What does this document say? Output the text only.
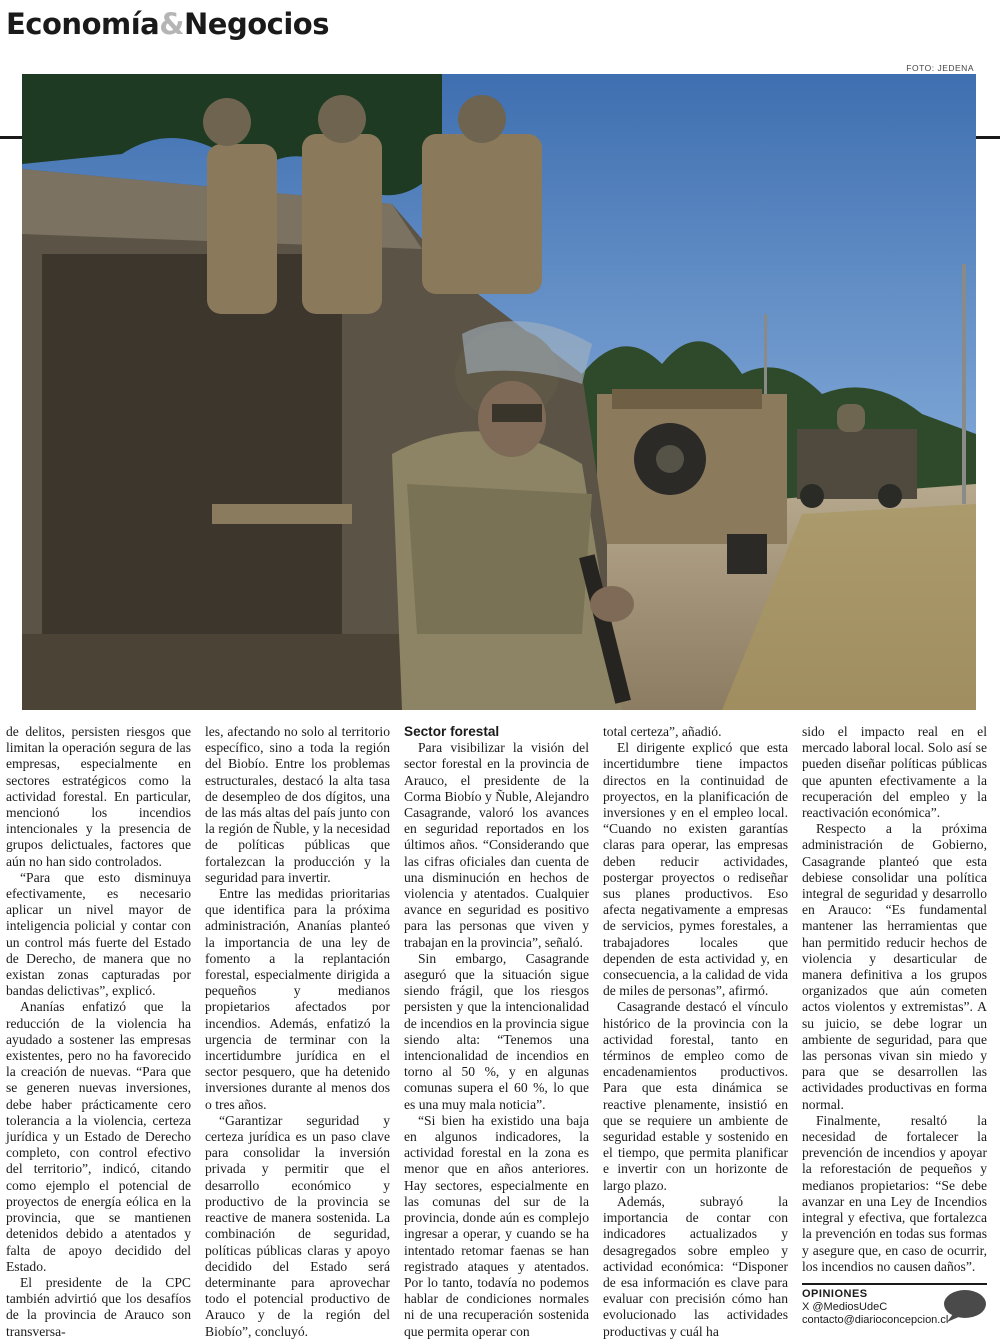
Economía&Negocios
FOTO: JEDENA

de delitos, persisten riesgos que limitan la operación segura de las empresas, especialmente en sectores estratégicos como la actividad forestal. En particular, mencionó los incendios intencionales y la presencia de grupos delictuales, factores que aún no han sido controlados.

“Para que esto disminuya efectivamente, es necesario aplicar un nivel mayor de inteligencia policial y contar con un control más fuerte del Estado de Derecho, de manera que no existan zonas capturadas por bandas delictivas”, explicó.

Ananías enfatizó que la reducción de la violencia ha ayudado a sostener las empresas existentes, pero no ha favorecido la creación de nuevas. “Para que se generen nuevas inversiones, debe haber prácticamente cero tolerancia a la violencia, certeza jurídica y un Estado de Derecho completo, con control efectivo del territorio”, indicó, citando como ejemplo el potencial de proyectos de energía eólica en la provincia, que se mantienen detenidos debido a atentados y falta de apoyo decidido del Estado.

El presidente de la CPC también advirtió que los desafíos de la provincia de Arauco son transversa-

les, afectando no solo al territorio específico, sino a toda la región del Biobío. Entre los problemas estructurales, destacó la alta tasa de desempleo de dos dígitos, una de las más altas del país junto con la región de Ñuble, y la necesidad de políticas públicas que fortalezcan la producción y la seguridad para invertir.

Entre las medidas prioritarias que identifica para la próxima administración, Ananías planteó la importancia de una ley de fomento a la replantación forestal, especialmente dirigida a pequeños y medianos propietarios afectados por incendios. Además, enfatizó la urgencia de terminar con la incertidumbre jurídica en el sector pesquero, que ha detenido inversiones durante al menos dos o tres años.

“Garantizar seguridad y certeza jurídica es un paso clave para consolidar la inversión privada y permitir que el desarrollo económico y productivo de la provincia se reactive de manera sostenida. La combinación de seguridad, políticas públicas claras y apoyo decidido del Estado será determinante para aprovechar todo el potencial productivo de Arauco y de la región del Biobío”, concluyó.

Sector forestal

Para visibilizar la visión del sector forestal en la provincia de Arauco, el presidente de la Corma Biobío y Ñuble, Alejandro Casagrande, valoró los avances en seguridad reportados en los últimos años. “Considerando que las cifras oficiales dan cuenta de una disminución en hechos de violencia y atentados. Cualquier avance en seguridad es positivo para las personas que viven y trabajan en la provincia”, señaló.

Sin embargo, Casagrande aseguró que la situación sigue siendo frágil, que los riesgos persisten y que la intencionalidad de incendios en la provincia sigue siendo alta: “Tenemos una intencionalidad de incendios en torno al 50 %, y en algunas comunas supera el 60 %, lo que es una muy mala noticia”.

“Si bien ha existido una baja en algunos indicadores, la actividad forestal en la zona es menor que en años anteriores. Hay sectores, especialmente en las comunas del sur de la provincia, donde aún es complejo ingresar a operar, y cuando se ha intentado retomar faenas se han registrado ataques y atentados. Por lo tanto, todavía no podemos hablar de condiciones normales ni de una recuperación sostenida que permita operar con

total certeza”, añadió.

El dirigente explicó que esta incertidumbre tiene impactos directos en la continuidad de proyectos, en la planificación de inversiones y en el empleo local. “Cuando no existen garantías claras para operar, las empresas deben reducir actividades, postergar proyectos o rediseñar sus planes productivos. Eso afecta negativamente a empresas de servicios, pymes forestales, a trabajadores locales que dependen de esta actividad y, en consecuencia, a la calidad de vida de miles de personas”, afirmó.

Casagrande destacó el vínculo histórico de la provincia con la actividad forestal, tanto en términos de empleo como de encadenamientos productivos. Para que esta dinámica se reactive plenamente, insistió en que se requiere un ambiente de seguridad estable y sostenido en el tiempo, que permita planificar e invertir con un horizonte de largo plazo.

Además, subrayó la importancia de contar con indicadores actualizados y desagregados sobre empleo y actividad económica: “Disponer de esa información es clave para evaluar con precisión cómo han evolucionado las actividades productivas y cuál ha

sido el impacto real en el mercado laboral local. Solo así se pueden diseñar políticas públicas que apunten efectivamente a la recuperación del empleo y la reactivación económica”.

Respecto a la próxima administración de Gobierno, Casagrande planteó que esta debiese consolidar una política integral de seguridad y desarrollo en Arauco: “Es fundamental mantener las herramientas que han permitido reducir hechos de violencia y desarticular de manera definitiva a los grupos organizados que aún cometen actos violentos y extremistas”. A su juicio, se debe lograr un ambiente de seguridad, para que las personas vivan sin miedo y para que se desarrollen las actividades productivas en forma normal.

Finalmente, resaltó la necesidad de fortalecer la prevención de incendios y apoyar la reforestación de pequeños y medianos propietarios: “Se debe avanzar en una Ley de Incendios integral y efectiva, que fortalezca la prevención en todas sus formas y asegure que, en caso de ocurrir, los incendios no causen daños”.

OPINIONES
X @MediosUdeC
contacto@diarioconcepcion.cl
